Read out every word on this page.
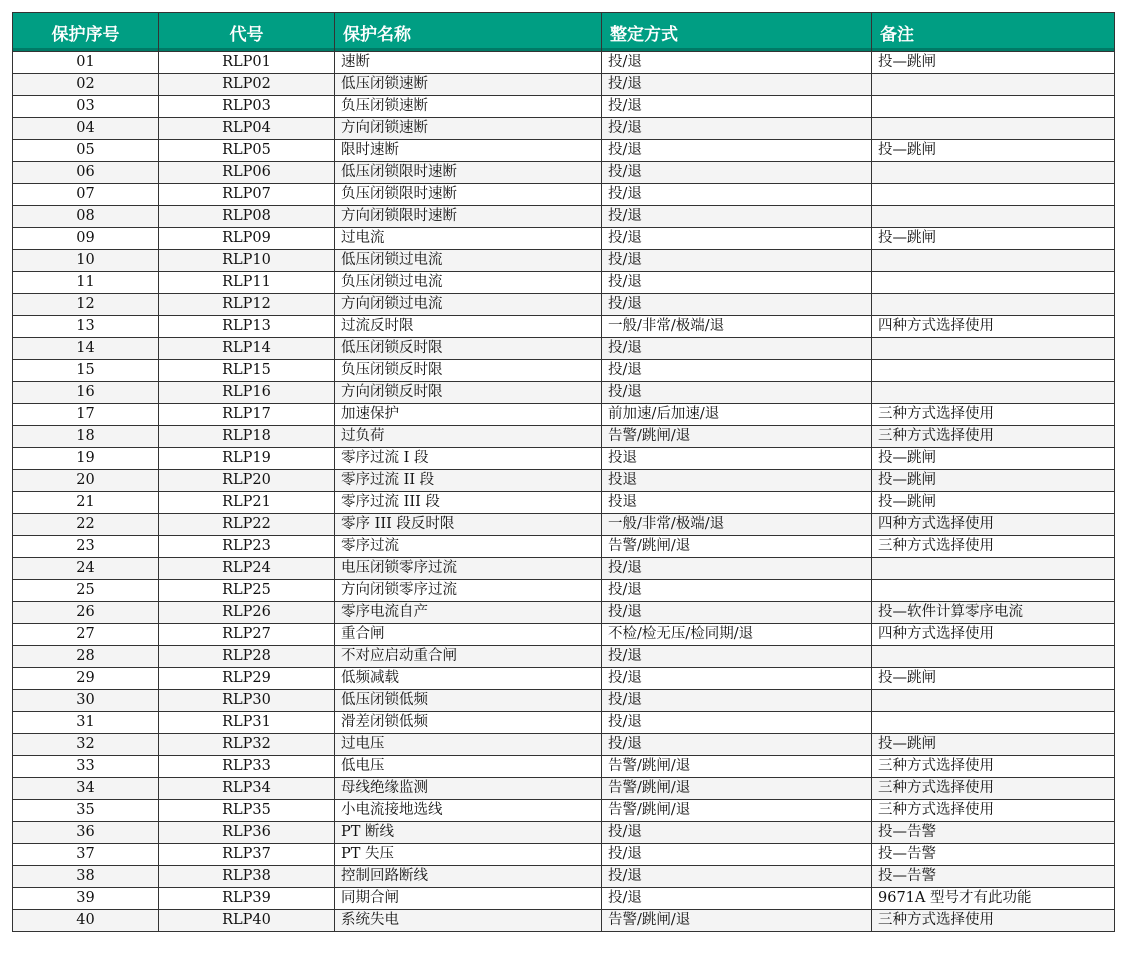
保护序号	代号	保护名称	整定方式	备注
01	RLP01	速断	投/退	投—跳闸
02	RLP02	低压闭锁速断	投/退	
03	RLP03	负压闭锁速断	投/退	
04	RLP04	方向闭锁速断	投/退	
05	RLP05	限时速断	投/退	投—跳闸
06	RLP06	低压闭锁限时速断	投/退	
07	RLP07	负压闭锁限时速断	投/退	
08	RLP08	方向闭锁限时速断	投/退	
09	RLP09	过电流	投/退	投—跳闸
10	RLP10	低压闭锁过电流	投/退	
11	RLP11	负压闭锁过电流	投/退	
12	RLP12	方向闭锁过电流	投/退	
13	RLP13	过流反时限	一般/非常/极端/退	四种方式选择使用
14	RLP14	低压闭锁反时限	投/退	
15	RLP15	负压闭锁反时限	投/退	
16	RLP16	方向闭锁反时限	投/退	
17	RLP17	加速保护	前加速/后加速/退	三种方式选择使用
18	RLP18	过负荷	告警/跳闸/退	三种方式选择使用
19	RLP19	零序过流 I 段	投退	投—跳闸
20	RLP20	零序过流 II 段	投退	投—跳闸
21	RLP21	零序过流 III 段	投退	投—跳闸
22	RLP22	零序 III 段反时限	一般/非常/极端/退	四种方式选择使用
23	RLP23	零序过流	告警/跳闸/退	三种方式选择使用
24	RLP24	电压闭锁零序过流	投/退	
25	RLP25	方向闭锁零序过流	投/退	
26	RLP26	零序电流自产	投/退	投—软件计算零序电流
27	RLP27	重合闸	不检/检无压/检同期/退	四种方式选择使用
28	RLP28	不对应启动重合闸	投/退	
29	RLP29	低频减载	投/退	投—跳闸
30	RLP30	低压闭锁低频	投/退	
31	RLP31	滑差闭锁低频	投/退	
32	RLP32	过电压	投/退	投—跳闸
33	RLP33	低电压	告警/跳闸/退	三种方式选择使用
34	RLP34	母线绝缘监测	告警/跳闸/退	三种方式选择使用
35	RLP35	小电流接地选线	告警/跳闸/退	三种方式选择使用
36	RLP36	PT 断线	投/退	投—告警
37	RLP37	PT 失压	投/退	投—告警
38	RLP38	控制回路断线	投/退	投—告警
39	RLP39	同期合闸	投/退	9671A 型号才有此功能
40	RLP40	系统失电	告警/跳闸/退	三种方式选择使用
